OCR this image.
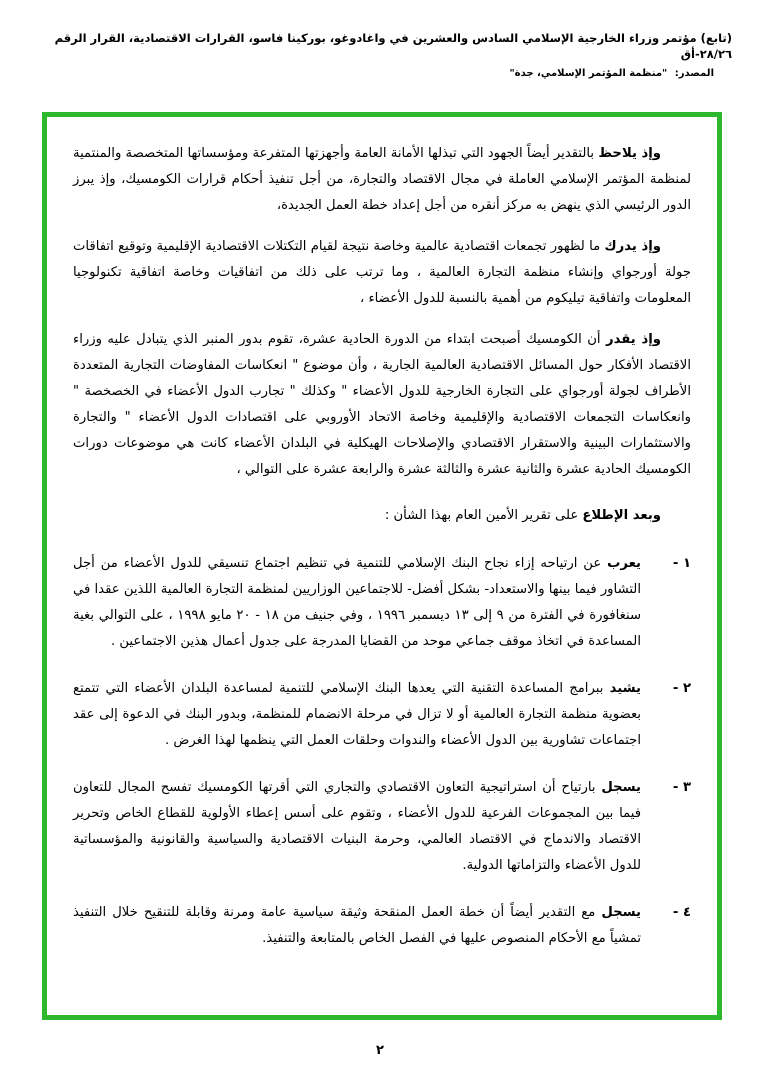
(تابع) مؤتمر وزراء الخارجية الإسلامي السادس والعشرين في واغادوغو، بوركينا فاسو، القرارات الاقتصادية، القرار الرقم ٢٨/٢٦-أق
المصدر: "منظمة المؤتمر الإسلامي، جدة"

وإذ يلاحظ بالتقدير أيضاً الجهود التي تبذلها الأمانة العامة وأجهزتها المتفرعة ومؤسساتها المتخصصة والمنتمية لمنظمة المؤتمر الإسلامي العاملة في مجال الاقتصاد والتجارة، من أجل تنفيذ أحكام قرارات الكومسيك، وإذ يبرز الدور الرئيسي الذي ينهض به مركز أنقره من أجل إعداد خطة العمل الجديدة،

وإذ يدرك ما لظهور تجمعات اقتصادية عالمية وخاصة نتيجة لقيام التكتلات الاقتصادية الإقليمية وتوقيع اتفاقات جولة أورجواي وإنشاء منظمة التجارة العالمية ، وما ترتب على ذلك من اتفاقيات وخاصة اتفاقية تكنولوجيا المعلومات واتفاقية تيليكوم من أهمية بالنسبة للدول الأعضاء ،

وإذ يقدر أن الكومسيك أصبحت ابتداء من الدورة الحادية عشرة، تقوم بدور المنبر الذي يتبادل عليه وزراء الاقتصاد الأفكار حول المسائل الاقتصادية العالمية الجارية ، وأن موضوع " انعكاسات المفاوضات التجارية المتعددة الأطراف لجولة أورجواي على التجارة الخارجية للدول الأعضاء " وكذلك " تجارب الدول الأعضاء في الخصخصة " وانعكاسات التجمعات الاقتصادية والإقليمية وخاصة الاتحاد الأوروبي على اقتصادات الدول الأعضاء " والتجارة والاستثمارات البينية والاستقرار الاقتصادي والإصلاحات الهيكلية في البلدان الأعضاء كانت هي موضوعات دورات الكومسيك الحادية عشرة والثانية عشرة والثالثة عشرة والرابعة عشرة على التوالي ،

وبعد الإطلاع على تقرير الأمين العام بهذا الشأن :

١ -

يعرب عن ارتياحه إزاء نجاح البنك الإسلامي للتنمية في تنظيم اجتماع تنسيقي للدول الأعضاء من أجل التشاور فيما بينها والاستعداد- بشكل أفضل- للاجتماعين الوزاريين لمنظمة التجارة العالمية اللذين عقدا في سنغافورة في الفترة من ٩ إلى ١٣ ديسمبر ١٩٩٦ ، وفي جنيف من ١٨ - ٢٠ مايو ١٩٩٨ ، على التوالي بغية المساعدة في اتخاذ موقف جماعي موحد من القضايا المدرجة على جدول أعمال هذين الاجتماعين .

٢ -

يشيد ببرامج المساعدة التقنية التي يعدها البنك الإسلامي للتنمية لمساعدة البلدان الأعضاء التي تتمتع بعضوية منظمة التجارة العالمية أو لا تزال في مرحلة الانضمام للمنظمة، وبدور البنك في الدعوة إلى عقد اجتماعات تشاورية بين الدول الأعضاء والندوات وحلقات العمل التي ينظمها لهذا الغرض .

٣ -

يسجل بارتياح أن استراتيجية التعاون الاقتصادي والتجاري التي أقرتها الكومسيك تفسح المجال للتعاون فيما بين المجموعات الفرعية للدول الأعضاء ، وتقوم على أسس إعطاء الأولوية للقطاع الخاص وتحرير الاقتصاد والاندماج في الاقتصاد العالمي، وحرمة البنيات الاقتصادية والسياسية والقانونية والمؤسساتية للدول الأعضاء والتزاماتها الدولية.

٤ -

يسجل مع التقدير أيضاً أن خطة العمل المنقحة وثيقة سياسية عامة ومرنة وقابلة للتنقيح خلال التنفيذ تمشياً مع الأحكام المنصوص عليها في الفصل الخاص بالمتابعة والتنفيذ.

٢
